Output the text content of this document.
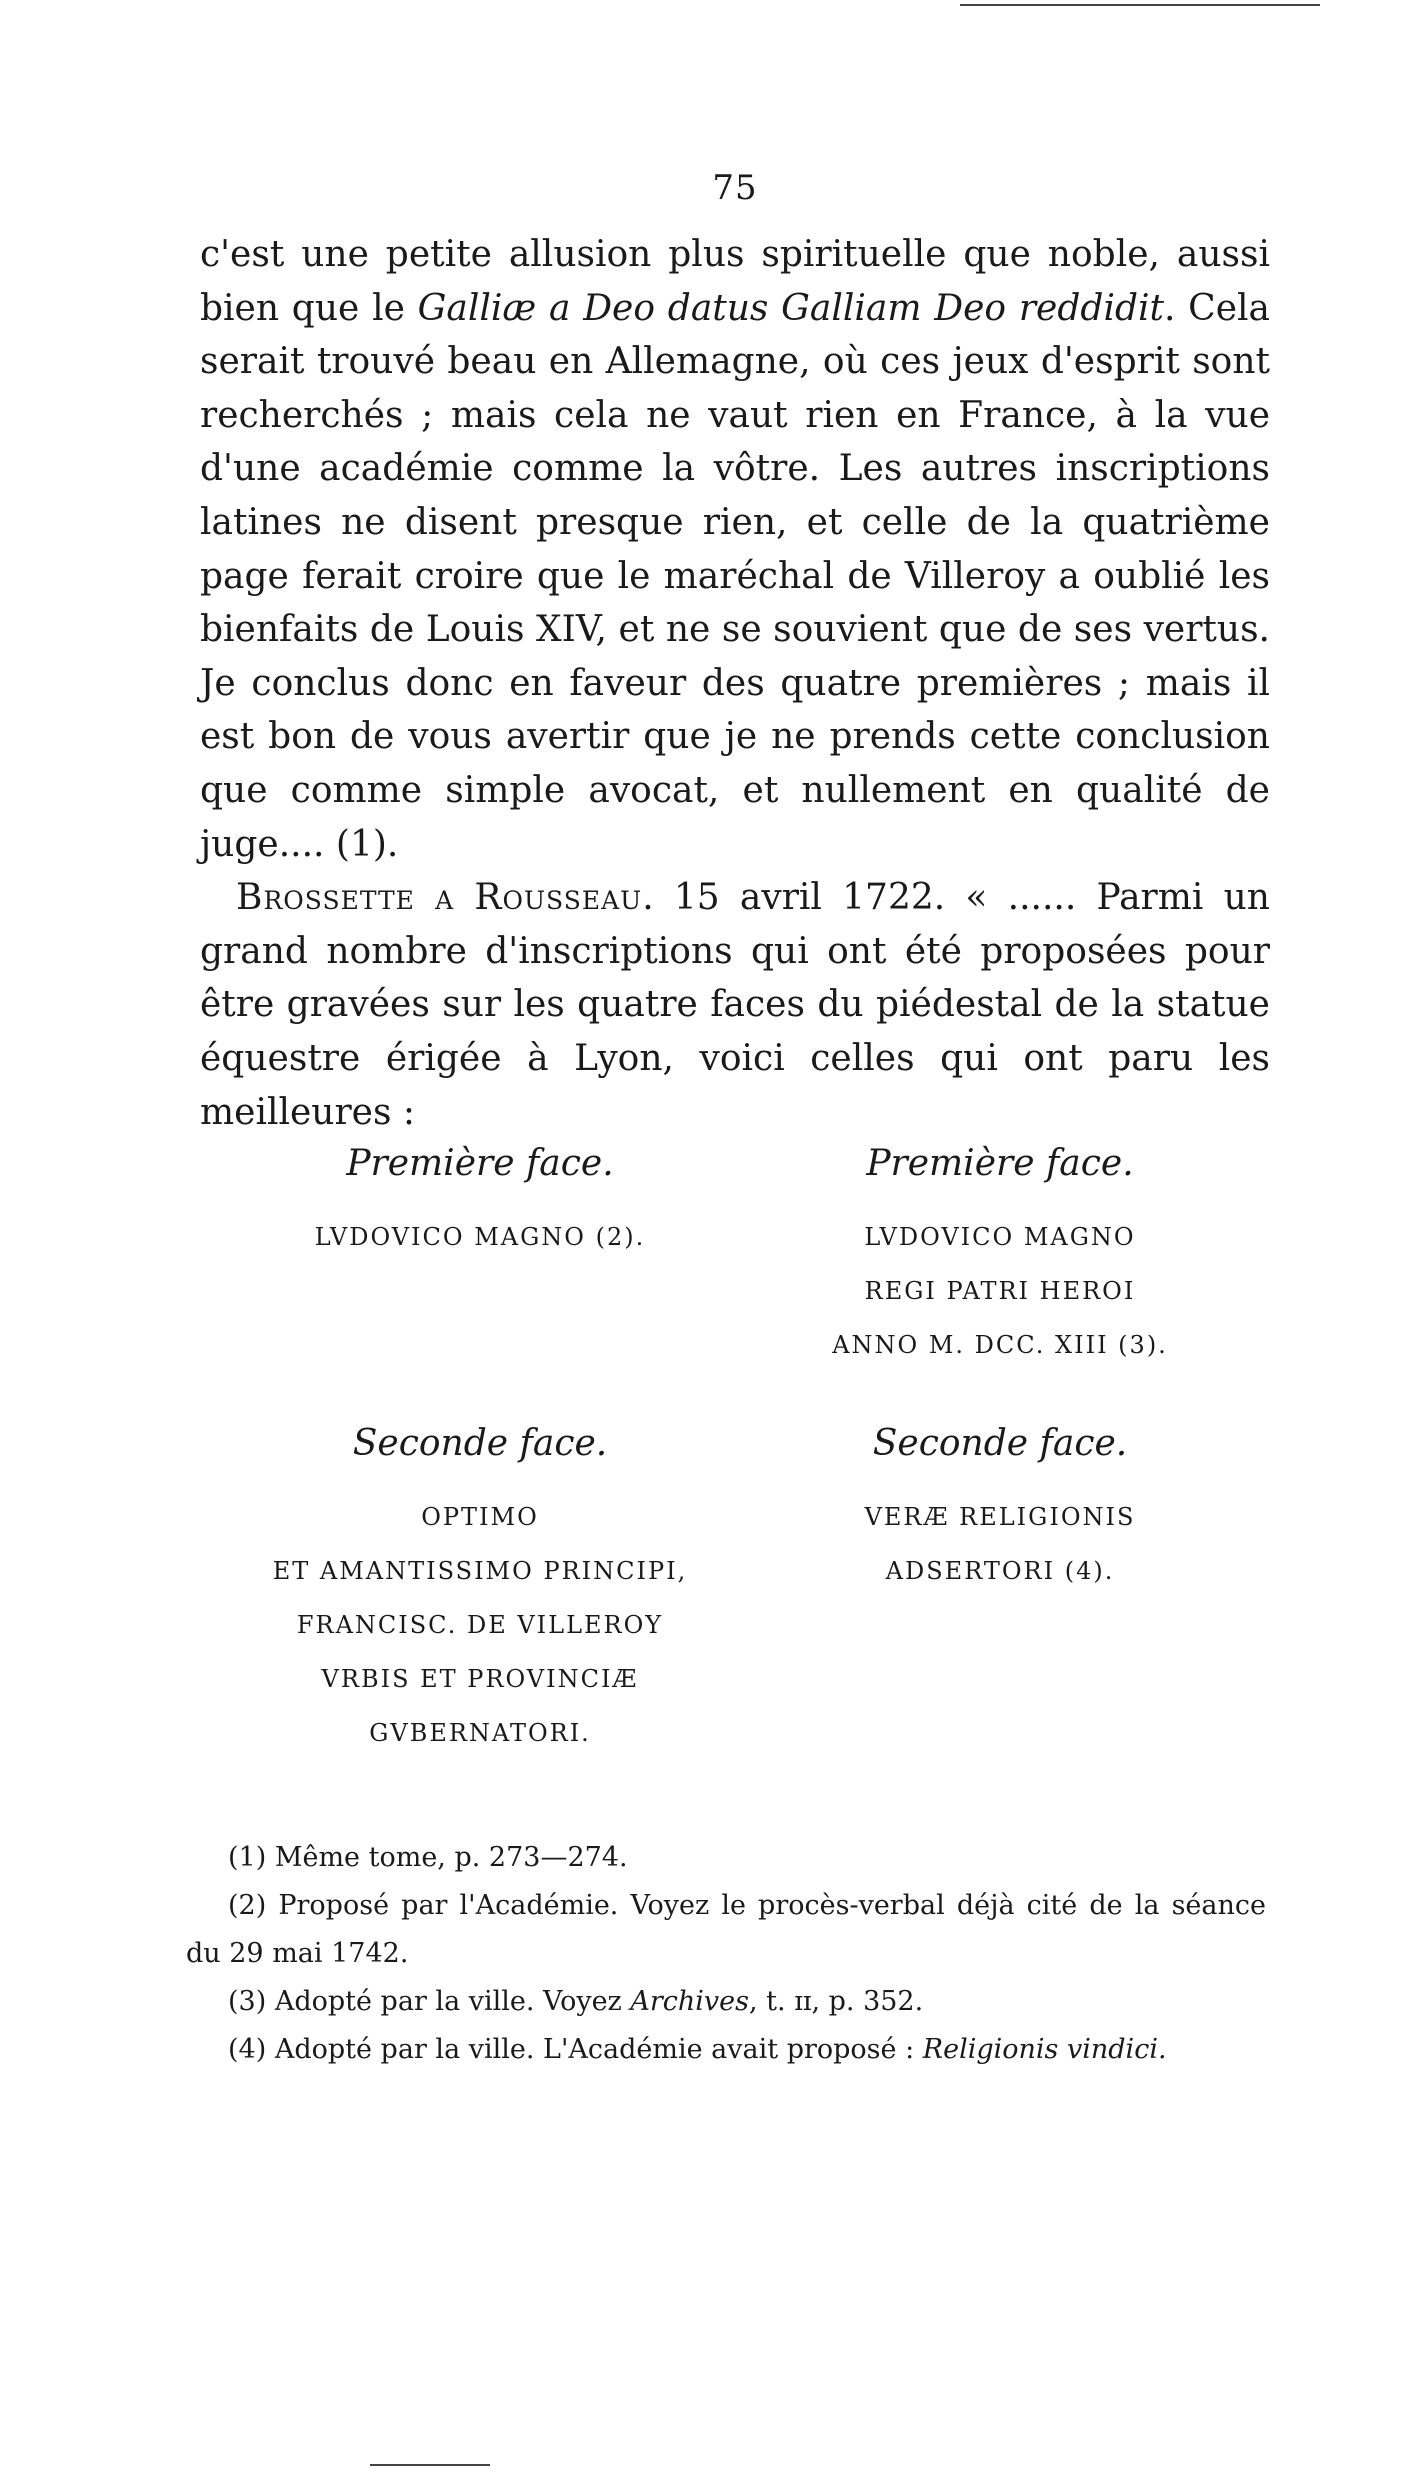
75

c'est une petite allusion plus spirituelle que noble, aussi bien que le Galliæ a Deo datus Galliam Deo reddidit. Cela serait trouvé beau en Allemagne, où ces jeux d'esprit sont recherchés ; mais cela ne vaut rien en France, à la vue d'une académie comme la vôtre. Les autres inscriptions latines ne disent presque rien, et celle de la quatrième page ferait croire que le maréchal de Villeroy a oublié les bienfaits de Louis XIV, et ne se souvient que de ses vertus. Je conclus donc en faveur des quatre premières ; mais il est bon de vous avertir que je ne prends cette conclusion que comme simple avocat, et nullement en qualité de juge.... (1).

Brossette a Rousseau. 15 avril 1722. « ...... Parmi un grand nombre d'inscriptions qui ont été proposées pour être gravées sur les quatre faces du piédestal de la statue équestre érigée à Lyon, voici celles qui ont paru les meilleures :

Première face.

LVDOVICO MAGNO (2).

Première face.

LVDOVICO MAGNO

REGI PATRI HEROI

ANNO M. DCC. XIII (3).

Seconde face.

OPTIMO

ET AMANTISSIMO PRINCIPI,

FRANCISC. DE VILLEROY

VRBIS ET PROVINCIÆ

GVBERNATORI.

Seconde face.

VERÆ RELIGIONIS

ADSERTORI (4).

(1) Même tome, p. 273—274.

(2) Proposé par l'Académie. Voyez le procès-verbal déjà cité de la séance du 29 mai 1742.

(3) Adopté par la ville. Voyez Archives, t. ɪɪ, p. 352.

(4) Adopté par la ville. L'Académie avait proposé : Religionis vindici.
